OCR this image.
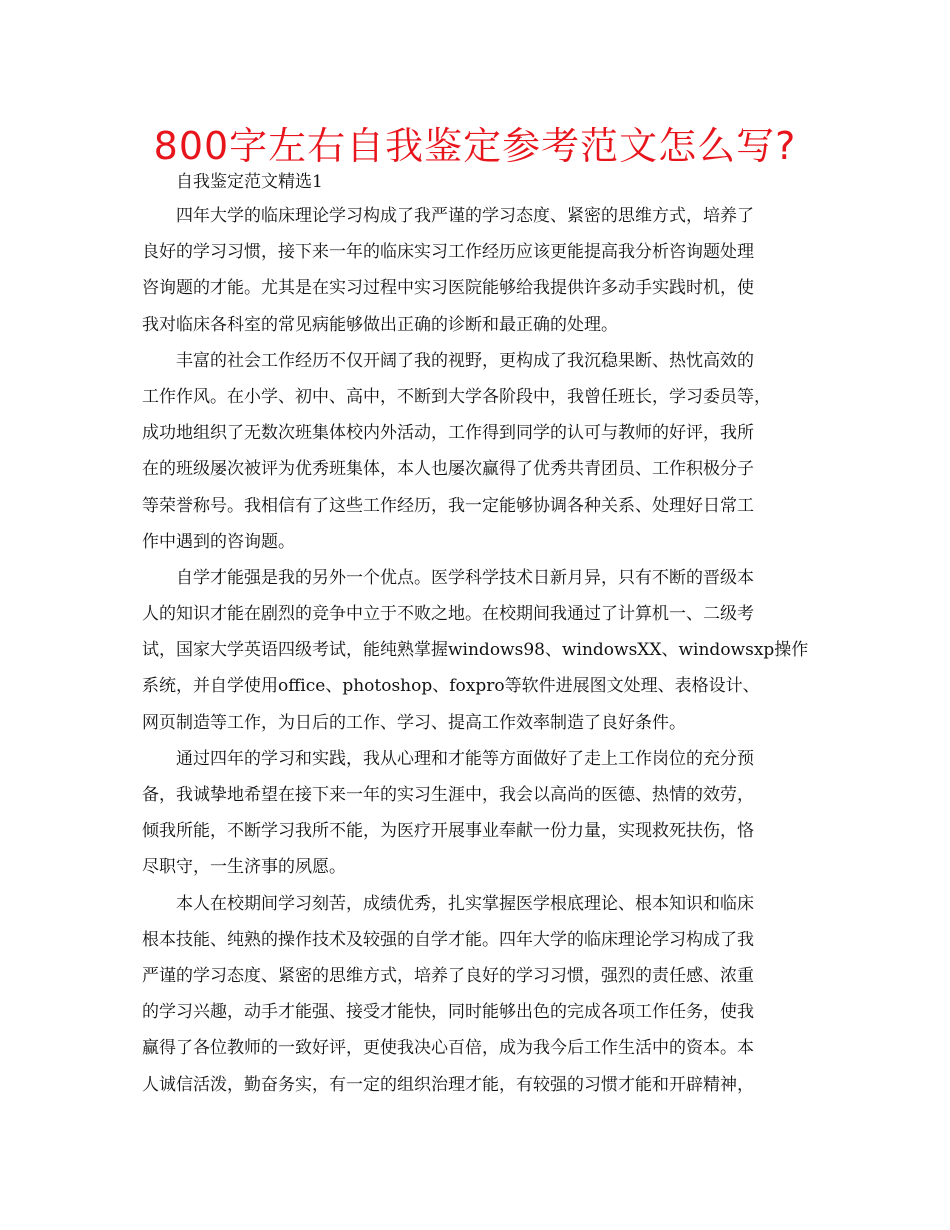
800字左右自我鉴定参考范文怎么写?

自我鉴定范文精选1

四年大学的临床理论学习构成了我严谨的学习态度、紧密的思维方式，培养了
良好的学习习惯，接下来一年的临床实习工作经历应该更能提高我分析咨询题处理
咨询题的才能。尤其是在实习过程中实习医院能够给我提供许多动手实践时机，使
我对临床各科室的常见病能够做出正确的诊断和最正确的处理。
丰富的社会工作经历不仅开阔了我的视野，更构成了我沉稳果断、热忱高效的
工作作风。在小学、初中、高中，不断到大学各阶段中，我曾任班长，学习委员等，
成功地组织了无数次班集体校内外活动，工作得到同学的认可与教师的好评，我所
在的班级屡次被评为优秀班集体，本人也屡次赢得了优秀共青团员、工作积极分子
等荣誉称号。我相信有了这些工作经历，我一定能够协调各种关系、处理好日常工
作中遇到的咨询题。
自学才能强是我的另外一个优点。医学科学技术日新月异，只有不断的晋级本
人的知识才能在剧烈的竞争中立于不败之地。在校期间我通过了计算机一、二级考
试，国家大学英语四级考试，能纯熟掌握windows98、windowsXX、windowsxp操作
系统，并自学使用office、photoshop、foxpro等软件进展图文处理、表格设计、
网页制造等工作，为日后的工作、学习、提高工作效率制造了良好条件。
通过四年的学习和实践，我从心理和才能等方面做好了走上工作岗位的充分预
备，我诚挚地希望在接下来一年的实习生涯中，我会以高尚的医德、热情的效劳，
倾我所能，不断学习我所不能，为医疗开展事业奉献一份力量，实现救死扶伤，恪
尽职守，一生济事的夙愿。
本人在校期间学习刻苦，成绩优秀，扎实掌握医学根底理论、根本知识和临床
根本技能、纯熟的操作技术及较强的自学才能。四年大学的临床理论学习构成了我
严谨的学习态度、紧密的思维方式，培养了良好的学习习惯，强烈的责任感、浓重
的学习兴趣，动手才能强、接受才能快，同时能够出色的完成各项工作任务，使我
赢得了各位教师的一致好评，更使我决心百倍，成为我今后工作生活中的资本。本
人诚信活泼，勤奋务实，有一定的组织治理才能，有较强的习惯才能和开辟精神，
